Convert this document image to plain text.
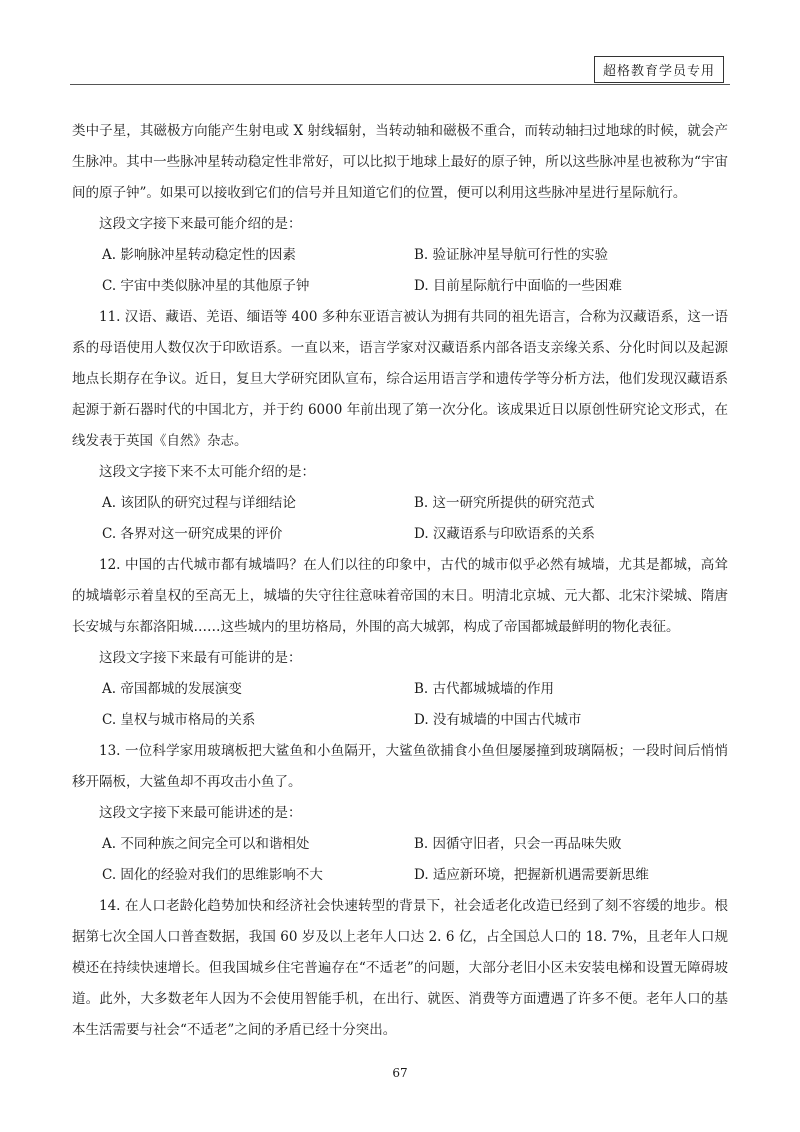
超格教育学员专用

类中子星，其磁极方向能产生射电或 X 射线辐射，当转动轴和磁极不重合，而转动轴扫过地球的时候，就会产生脉冲。其中一些脉冲星转动稳定性非常好，可以比拟于地球上最好的原子钟，所以这些脉冲星也被称为“宇宙间的原子钟”。如果可以接收到它们的信号并且知道它们的位置，便可以利用这些脉冲星进行星际航行。

这段文字接下来最可能介绍的是：

A. 影响脉冲星转动稳定性的因素	B. 验证脉冲星导航可行性的实验
C. 宇宙中类似脉冲星的其他原子钟	D. 目前星际航行中面临的一些困难

11. 汉语、藏语、羌语、缅语等 400 多种东亚语言被认为拥有共同的祖先语言，合称为汉藏语系，这一语系的母语使用人数仅次于印欧语系。一直以来，语言学家对汉藏语系内部各语支亲缘关系、分化时间以及起源地点长期存在争议。近日，复旦大学研究团队宣布，综合运用语言学和遗传学等分析方法，他们发现汉藏语系起源于新石器时代的中国北方，并于约 6000 年前出现了第一次分化。该成果近日以原创性研究论文形式，在线发表于英国《自然》杂志。

这段文字接下来不太可能介绍的是：

A. 该团队的研究过程与详细结论	B. 这一研究所提供的研究范式
C. 各界对这一研究成果的评价	D. 汉藏语系与印欧语系的关系

12. 中国的古代城市都有城墙吗？在人们以往的印象中，古代的城市似乎必然有城墙，尤其是都城，高耸的城墙彰示着皇权的至高无上，城墙的失守往往意味着帝国的末日。明清北京城、元大都、北宋汴梁城、隋唐长安城与东都洛阳城……这些城内的里坊格局，外围的高大城郭，构成了帝国都城最鲜明的物化表征。

这段文字接下来最有可能讲的是：

A. 帝国都城的发展演变	B. 古代都城城墙的作用
C. 皇权与城市格局的关系	D. 没有城墙的中国古代城市

13. 一位科学家用玻璃板把大鲨鱼和小鱼隔开，大鲨鱼欲捕食小鱼但屡屡撞到玻璃隔板；一段时间后悄悄移开隔板，大鲨鱼却不再攻击小鱼了。

这段文字接下来最可能讲述的是：

A. 不同种族之间完全可以和谐相处	B. 因循守旧者，只会一再品味失败
C. 固化的经验对我们的思维影响不大	D. 适应新环境，把握新机遇需要新思维

14. 在人口老龄化趋势加快和经济社会快速转型的背景下，社会适老化改造已经到了刻不容缓的地步。根据第七次全国人口普查数据，我国 60 岁及以上老年人口达 2. 6 亿，占全国总人口的 18. 7%，且老年人口规模还在持续快速增长。但我国城乡住宅普遍存在“不适老”的问题，大部分老旧小区未安装电梯和设置无障碍坡道。此外，大多数老年人因为不会使用智能手机，在出行、就医、消费等方面遭遇了许多不便。老年人口的基本生活需要与社会“不适老”之间的矛盾已经十分突出。

67
